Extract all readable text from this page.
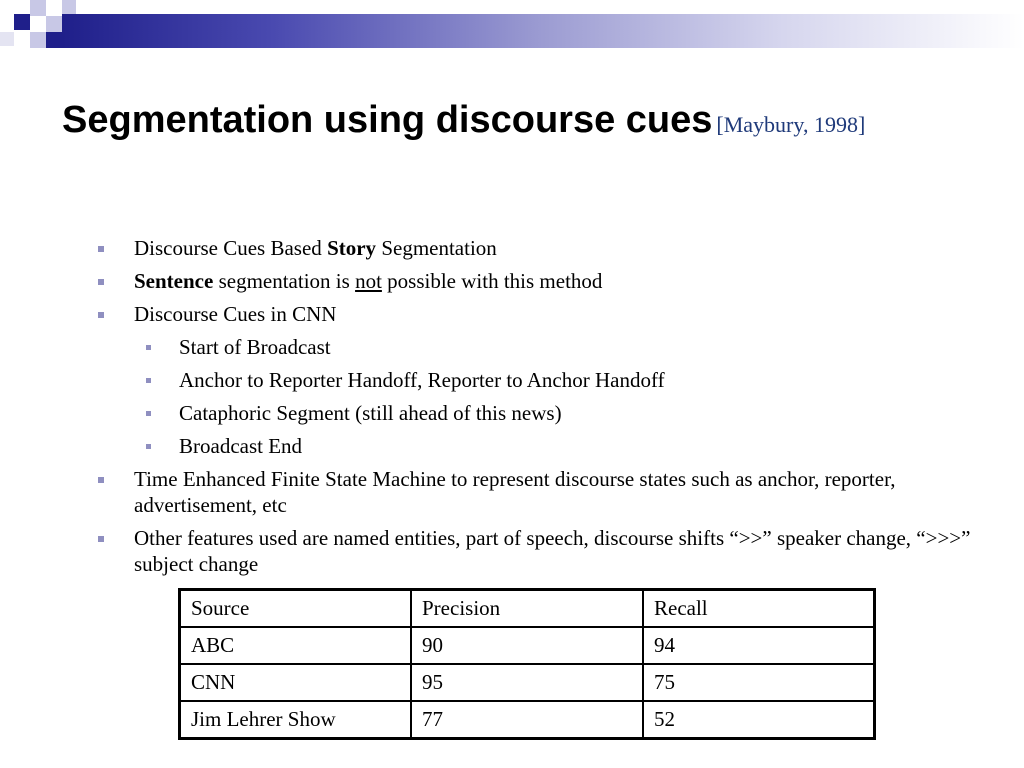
Segmentation using discourse cues [Maybury, 1998]
Discourse Cues Based Story Segmentation
Sentence segmentation is not possible with this method
Discourse Cues in CNN
Start of Broadcast
Anchor to Reporter Handoff, Reporter to Anchor Handoff
Cataphoric Segment (still ahead of this news)
Broadcast End
Time Enhanced Finite State Machine to represent discourse states such as anchor, reporter, advertisement, etc
Other features used are named entities, part of speech, discourse shifts “>>” speaker change, “>>>” subject change
Source	Precision	Recall
ABC	90	94
CNN	95	75
Jim Lehrer Show	77	52
